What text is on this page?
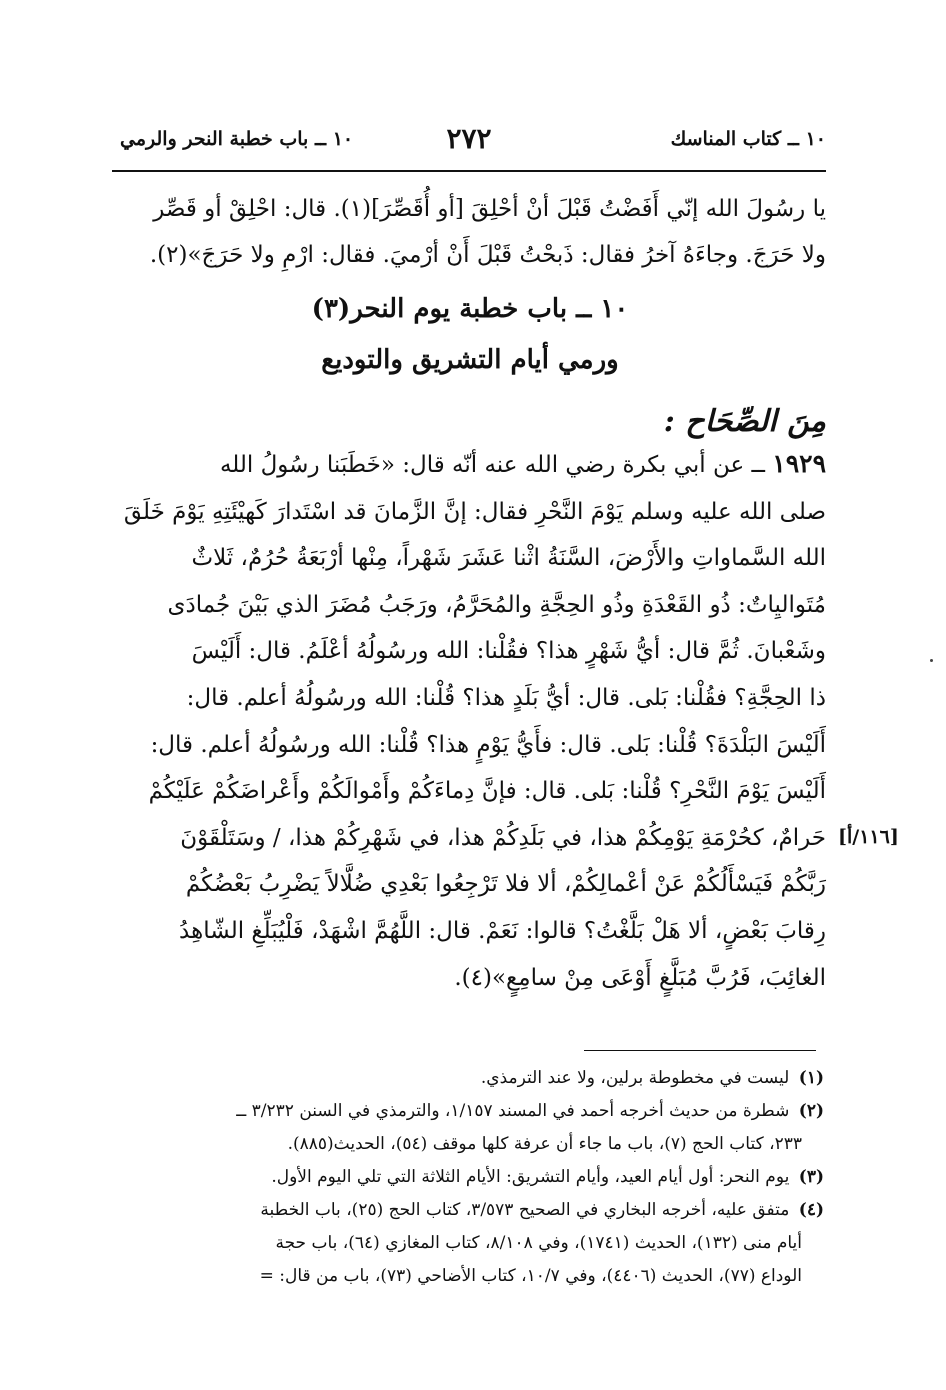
١٠ ــ كتاب المناسك
٢٧٢
١٠ ــ باب خطبة النحر والرمي
يا رسُولَ الله إنّي أَفَضْتُ قَبْلَ أنْ أحْلِقَ [أو أُقَصِّرَ](١). قال: احْلِقْ أو قَصِّر
ولا حَرَجَ. وجاءَهُ آخرُ فقال: ذَبحْتُ قَبْلَ أَنْ أرْميَ. فقال: ارْمِ ولا حَرَجَ»(٢).
١٠ ــ باب خطبة يوم النحر(٣)
ورمي أيام التشريق والتوديع
مِنَ الصِّحَاح :
١٩٢٩ ــ عن أبي بكرة رضي الله عنه أنّه قال: «خَطَبَنا رسُولُ الله
صلى الله عليه وسلم يَوْمَ النَّحْرِ فقال: إنَّ الزَّمانَ قد اسْتَدارَ كَهيْئَتِهِ يَوْمَ خَلَقَ
الله السَّماواتِ والأَرْضَ، السَّنَةُ اثْنا عَشَرَ شَهْراً، مِنْها أرْبَعَةُ حُرُمٌ، ثَلاثٌ
مُتَواليِاتٌ: ذُو القَعْدَةِ وذُو الحِجَّةِ والمُحَرَّمُ، ورَجَبُ مُضَرَ الذي بَيْنَ جُمادَى
وشَعْبانَ. ثُمَّ قال: أيُّ شَهْرٍ هذا؟ فقُلْنا: الله ورسُولُهُ أعْلَمُ. قال: أَلَيْسَ
ذا الحِجَّةِ؟ فقُلْنا: بَلى. قال: أيُّ بَلَدٍ هذا؟ قُلْنا: الله ورسُولُهُ أعلم. قال:
أَلَيْسَ البَلْدَةَ؟ قُلْنا: بَلى. قال: فأَيُّ يَوْمٍ هذا؟ قُلْنا: الله ورسُولُهُ أعلم. قال:
أَلَيْسَ يَوْمَ النَّحْرِ؟ قُلْنا: بَلى. قال: فإنَّ دِماءَكُمْ وأَمْوالَكُمْ وأَعْراضَكُمْ عَلَيْكُمْ
حَرامٌ، كحُرْمَةِ يَوْمِكُمْ هذا، في بَلَدِكُمْ هذا، في شَهْرِكُمْ هذا، / وسَتَلْقَوْنَ
رَبَّكُمْ فَيَسْأَلُكُمْ عَنْ أعْمالِكُمْ، ألا فلا تَرْجِعُوا بَعْدِي ضُلَّالاً يَضْرِبُ بَعْضُكُمْ
رِقابَ بَعْضٍ، ألا هَلْ بَلَّغْتُ؟ قالوا: نَعَمْ. قال: اللَّهُمَّ اشْهَدْ، فَلْيُبَلِّغِ الشّاهِدُ
الغائِبَ، فَرُبَّ مُبَلَّغٍ أَوْعَى مِنْ سامِعٍ»(٤).
[١١٦/أ]
(١) ليست في مخطوطة برلين، ولا عند الترمذي.
(٢) شطرة من حديث أخرجه أحمد في المسند ١/١٥٧، والترمذي في السنن ٣/٢٣٢ ــ
٢٣٣، كتاب الحج (٧)، باب ما جاء أن عرفة كلها موقف (٥٤)، الحديث(٨٨٥).
(٣) يوم النحر: أول أيام العيد، وأيام التشريق: الأيام الثلاثة التي تلي اليوم الأول.
(٤) متفق عليه، أخرجه البخاري في الصحيح ٣/٥٧٣، كتاب الحج (٢٥)، باب الخطبة
أيام منى (١٣٢)، الحديث (١٧٤١)، وفي ٨/١٠٨، كتاب المغازي (٦٤)، باب حجة
الوداع (٧٧)، الحديث (٤٤٠٦)، وفي ١٠/٧، كتاب الأضاحي (٧٣)، باب من قال: =
